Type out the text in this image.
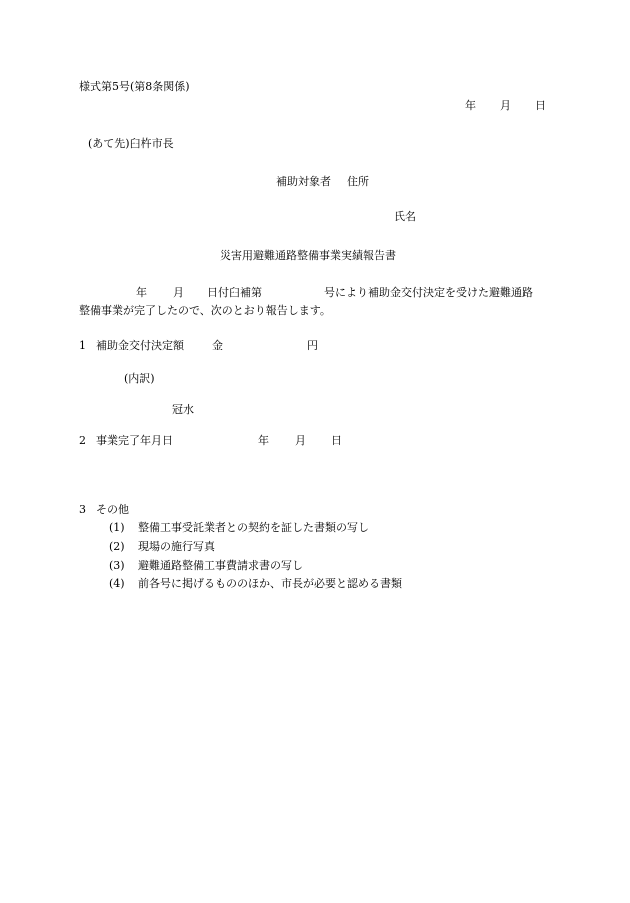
様式第5号(第8条関係)
年 月 日
(あて先)臼杵市長
補助対象者 住所
氏名
災害用避難通路整備事業実績報告書
年 月 日付臼補第	号により補助金交付決定を受けた避難通路
整備事業が完了したので、次のとおり報告します。
1 補助金交付決定額	金	円
(内訳)
冠水
2 事業完了年月日	年 月 日
3 その他
(1) 整備工事受託業者との契約を証した書類の写し
(2) 現場の施行写真
(3) 避難通路整備工事費請求書の写し
(4) 前各号に掲げるもののほか、市長が必要と認める書類
